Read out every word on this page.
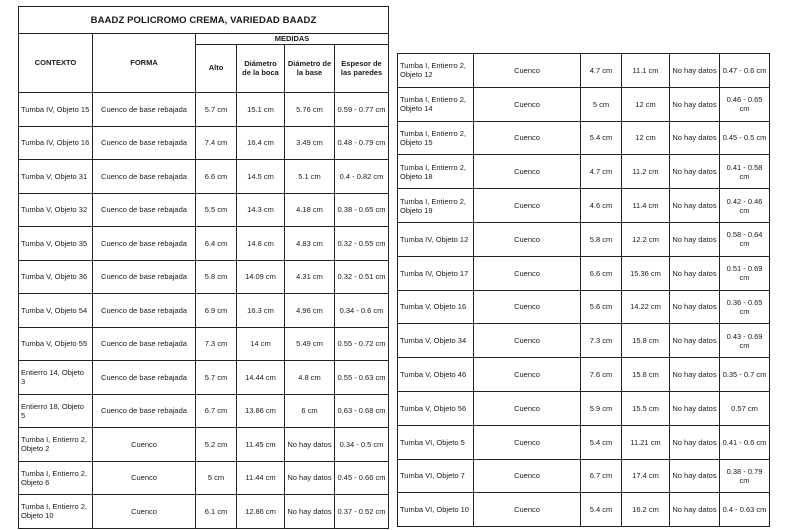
BAADZ POLICROMO CREMA, VARIEDAD BAADZ					
CONTEXTO	FORMA	MEDIDAS			
		Alto	Diámetro de la boca	Diámetro de la base	Espesor de las paredes
Tumba IV, Objeto 15	Cuenco de base rebajada	5.7 cm	15.1 cm	5.76 cm	0.59 - 0.77 cm
Tumba IV, Objeto 16	Cuenco de base rebajada	7.4 cm	16.4 cm	3.49 cm	0.48 - 0.79 cm
Tumba V, Objeto 31	Cuenco de base rebajada	6.6 cm	14.5 cm	5.1 cm	0.4 - 0.82 cm
Tumba V, Objeto 32	Cuenco de base rebajada	5.5 cm	14.3 cm	4.18 cm	0.38 - 0.65 cm
Tumba V, Objeto 35	Cuenco de base rebajada	6.4 cm	14.8 cm	4.83 cm	0.32 - 0.55 cm
Tumba V, Objeto 36	Cuenco de base rebajada	5.8 cm	14.09 cm	4.31 cm	0.32 - 0.51 cm
Tumba V, Objeto 54	Cuenco de base rebajada	6.9 cm	16.3 cm	4.96 cm	0.34 - 0.6 cm
Tumba V, Objeto 55	Cuenco de base rebajada	7.3 cm	14 cm	5.49 cm	0.55 - 0.72 cm
Entierro 14, Objeto 3	Cuenco de base rebajada	5.7 cm	14.44 cm	4.8 cm	0.55 - 0.63 cm
Entierro 18, Objeto 5	Cuenco de base rebajada	6.7 cm	13.86 cm	6 cm	0.63 - 0.68 cm
Tumba I, Entierro 2, Objeto 2	Cuenco	5.2 cm	11.45 cm	No hay datos	0.34 - 0.5 cm
Tumba I, Entierro 2, Objeto 6	Cuenco	5 cm	11.44 cm	No hay datos	0.45 - 0.66 cm
Tumba I, Entierro 2, Objeto 10	Cuenco	6.1 cm	12.86 cm	No hay datos	0.37 - 0.52 cm
Tumba I, Entierro 2, Objeto 12	Cuenco	4.7 cm	11.1 cm	No hay datos	0.47 - 0.6 cm
Tumba I, Entierro 2, Objeto 14	Cuenco	5 cm	12 cm	No hay datos	0.46 - 0.65 cm
Tumba I, Entierro 2, Objeto 15	Cuenco	5.4 cm	12 cm	No hay datos	0.45 - 0.5 cm
Tumba I, Entierro 2, Objeto 18	Cuenco	4.7 cm	11.2 cm	No hay datos	0.41 - 0.58 cm
Tumba I, Entierro 2, Objeto 19	Cuenco	4.6 cm	11.4 cm	No hay datos	0.42 - 0.46 cm
Tumba IV, Objeto 12	Cuenco	5.8 cm	12.2 cm	No hay datos	0.58 - 0.64 cm
Tumba IV, Objeto 17	Cuenco	6.6 cm	15.36 cm	No hay datos	0.51 - 0.69 cm
Tumba V, Objeto 16	Cuenco	5.6 cm	14.22 cm	No hay datos	0.36 - 0.65 cm
Tumba V, Objeto 34	Cuenco	7.3 cm	15.8 cm	No hay datos	0.43 - 0.69 cm
Tumba V, Objeto 46	Cuenco	7.6 cm	15.8 cm	No hay datos	0.35 - 0.7 cm
Tumba V, Objeto 56	Cuenco	5.9 cm	15.5 cm	No hay datos	0.57 cm
Tumba VI, Objeto 5	Cuenco	5.4 cm	11.21 cm	No hay datos	0.41 - 0.6 cm
Tumba VI, Objeto 7	Cuenco	6.7 cm	17.4 cm	No hay datos	0.38 - 0.79 cm
Tumba VI, Objeto 10	Cuenco	5.4 cm	16.2 cm	No hay datos	0.4 - 0.63 cm
